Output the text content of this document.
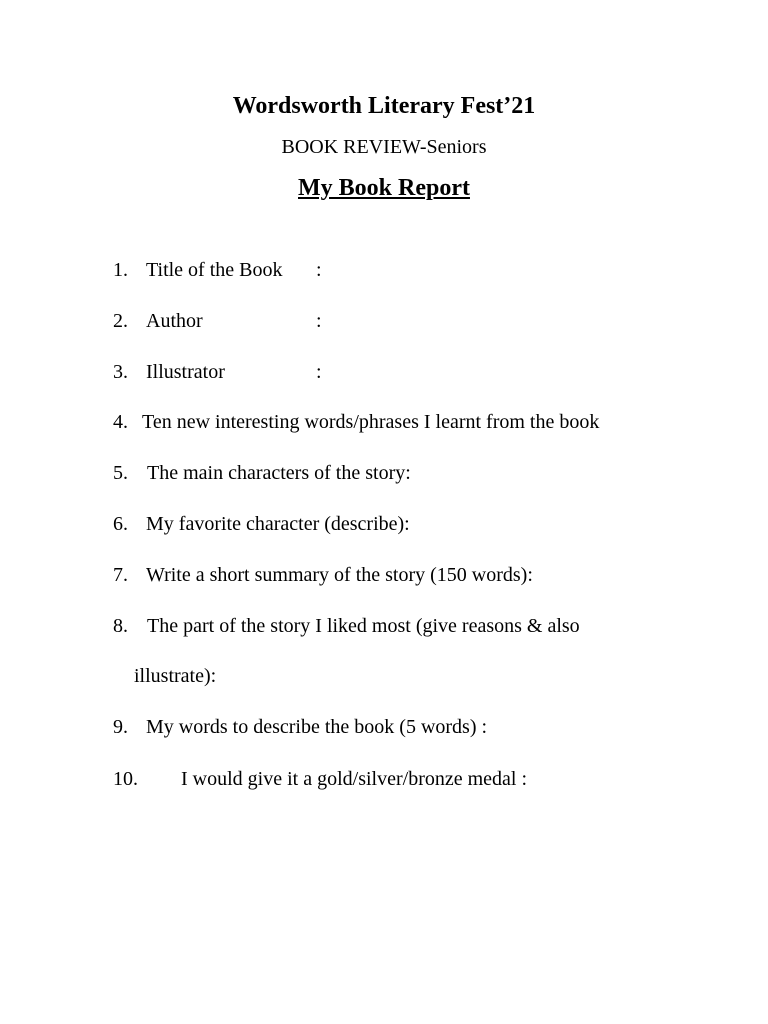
Wordsworth Literary Fest’21
BOOK REVIEW-Seniors
My Book Report
1. Title of the Book :
2. Author	:
3. Illustrator	:
4. Ten new interesting words/phrases I learnt from the book
5. The main characters of the story:
6. My favorite character (describe):
7. Write a short summary of the story (150 words):
8. The part of the story I liked most (give reasons & also
illustrate):
9. My words to describe the book (5 words) :
10. I would give it a gold/silver/bronze medal :
